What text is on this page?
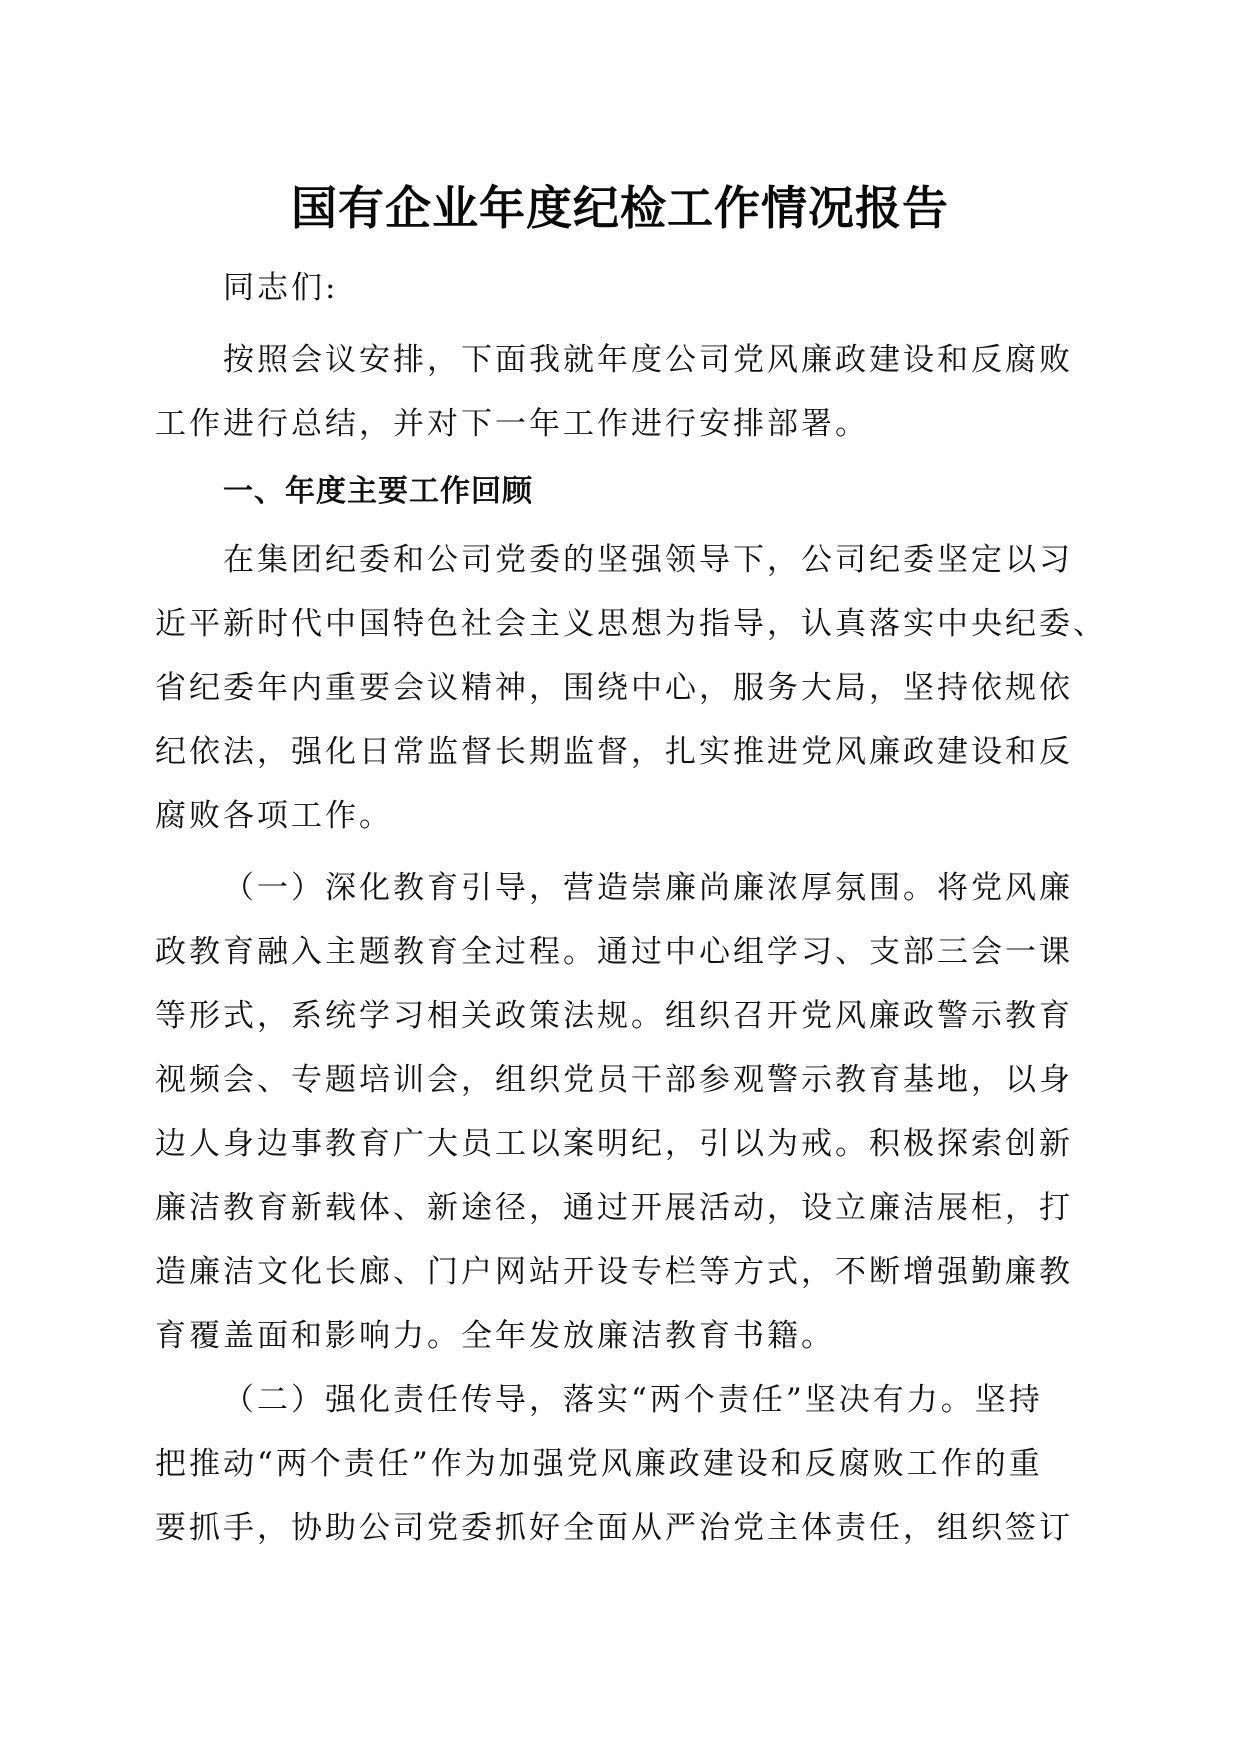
国有企业年度纪检工作情况报告
同志们:
按照会议安排，下面我就年度公司党风廉政建设和反腐败
工作进行总结，并对下一年工作进行安排部署。
一、年度主要工作回顾
在集团纪委和公司党委的坚强领导下，公司纪委坚定以习
近平新时代中国特色社会主义思想为指导，认真落实中央纪委、
省纪委年内重要会议精神，围绕中心，服务大局，坚持依规依
纪依法，强化日常监督长期监督，扎实推进党风廉政建设和反
腐败各项工作。
（一）深化教育引导，营造崇廉尚廉浓厚氛围。将党风廉
政教育融入主题教育全过程。通过中心组学习、支部三会一课
等形式，系统学习相关政策法规。组织召开党风廉政警示教育
视频会、专题培训会，组织党员干部参观警示教育基地，以身
边人身边事教育广大员工以案明纪，引以为戒。积极探索创新
廉洁教育新载体、新途径，通过开展活动，设立廉洁展柜，打
造廉洁文化长廊、门户网站开设专栏等方式，不断增强勤廉教
育覆盖面和影响力。全年发放廉洁教育书籍。
（二）强化责任传导，落实“两个责任”坚决有力。坚持
把推动“两个责任”作为加强党风廉政建设和反腐败工作的重
要抓手，协助公司党委抓好全面从严治党主体责任，组织签订
